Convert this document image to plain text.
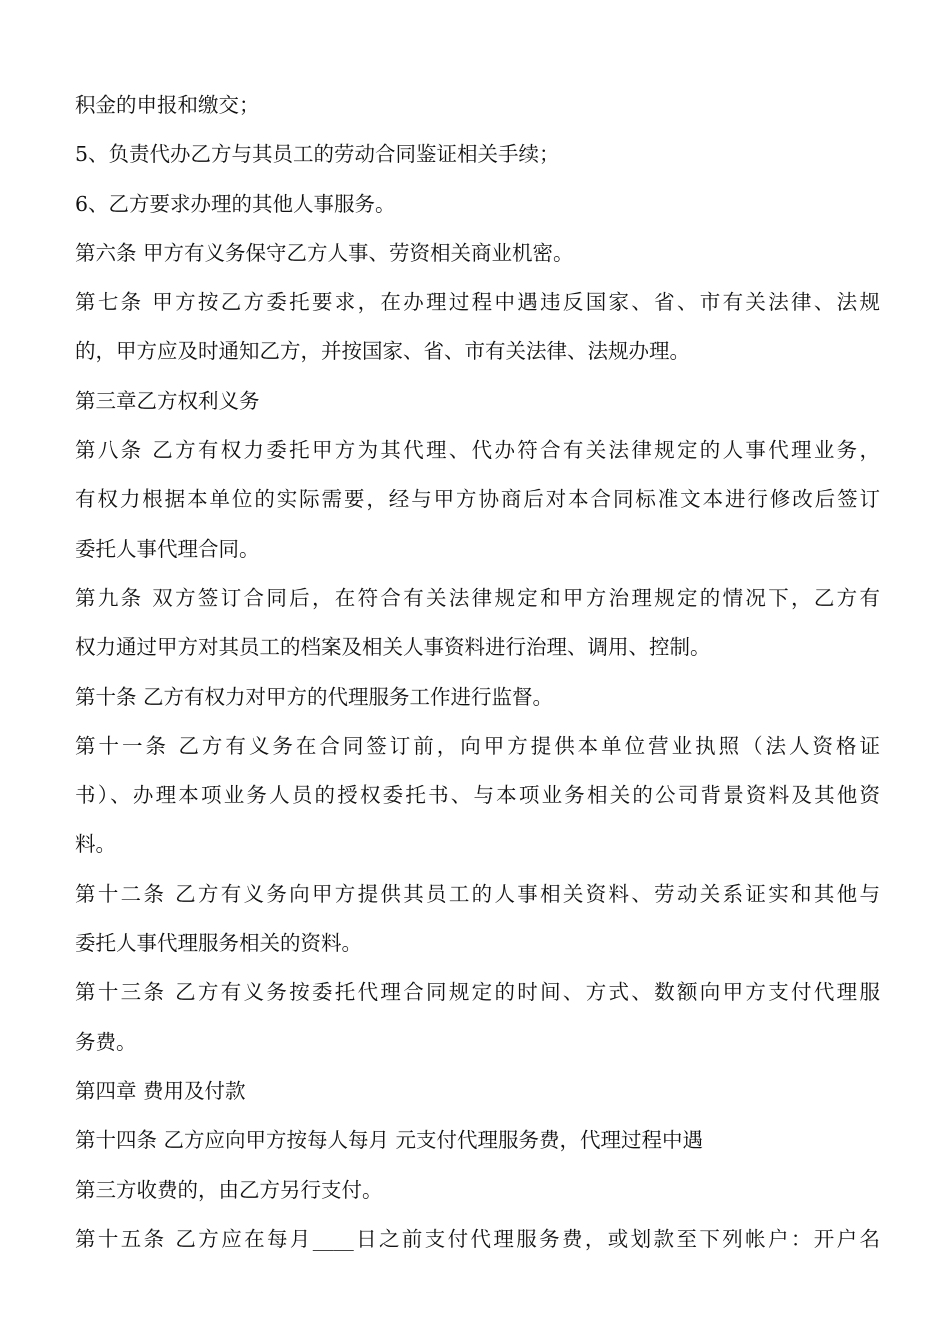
积金的申报和缴交；
5、负责代办乙方与其员工的劳动合同鉴证相关手续；
6、乙方要求办理的其他人事服务。
第六条 甲方有义务保守乙方人事、劳资相关商业机密。
第七条 甲方按乙方委托要求，在办理过程中遇违反国家、省、市有关法律、法规
的，甲方应及时通知乙方，并按国家、省、市有关法律、法规办理。
第三章乙方权利义务
第八条 乙方有权力委托甲方为其代理、代办符合有关法律规定的人事代理业务，
有权力根据本单位的实际需要，经与甲方协商后对本合同标准文本进行修改后签订
委托人事代理合同。
第九条 双方签订合同后，在符合有关法律规定和甲方治理规定的情况下，乙方有
权力通过甲方对其员工的档案及相关人事资料进行治理、调用、控制。
第十条 乙方有权力对甲方的代理服务工作进行监督。
第十一条 乙方有义务在合同签订前，向甲方提供本单位营业执照（法人资格证
书）、办理本项业务人员的授权委托书、与本项业务相关的公司背景资料及其他资
料。
第十二条 乙方有义务向甲方提供其员工的人事相关资料、劳动关系证实和其他与
委托人事代理服务相关的资料。
第十三条 乙方有义务按委托代理合同规定的时间、方式、数额向甲方支付代理服
务费。
第四章 费用及付款
第十四条 乙方应向甲方按每人每月 元支付代理服务费，代理过程中遇
第三方收费的，由乙方另行支付。
第十五条 乙方应在每月____日之前支付代理服务费，或划款至下列帐户：开户名
